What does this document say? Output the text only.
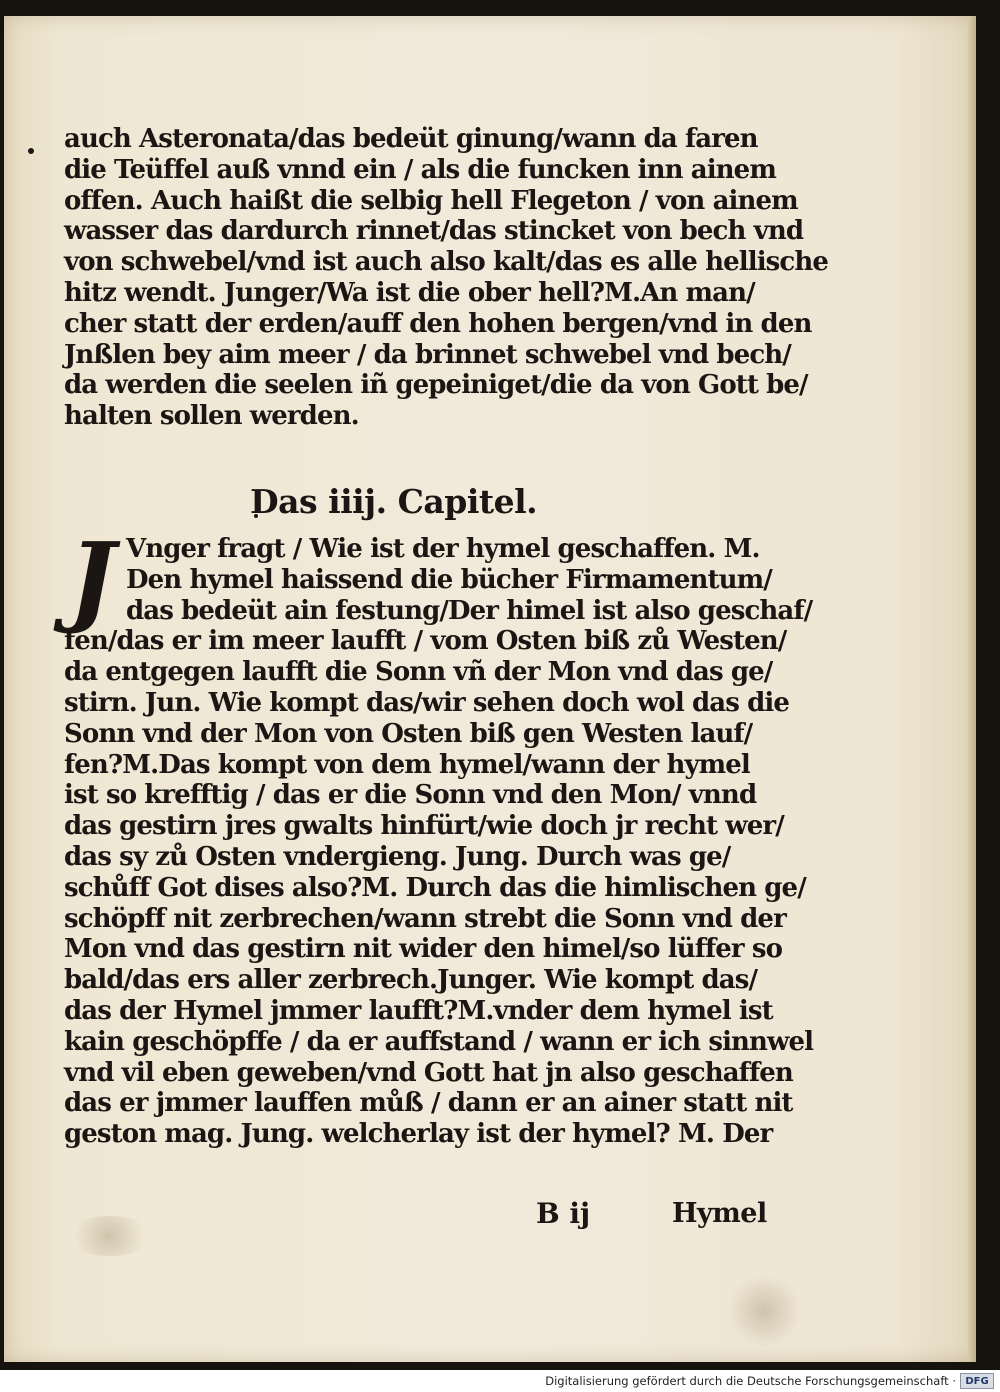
auch Asteronata/das bedeüt ginung/wann da faren
die Teüffel auß vnnd ein / als die funcken inn ainem
offen. Auch haißt die selbig hell Flegeton / von ainem
wasser das dardurch rinnet/das stincket von bech vnd
von schwebel/vnd ist auch also kalt/das es alle hellische
hitz wendt. Junger/Wa ist die ober hell?M.An man/
cher statt der erden/auff den hohen bergen/vnd in den
Jnßlen bey aim meer / da brinnet schwebel vnd bech/
da werden die seelen iñ gepeiniget/die da von Gott be/
halten sollen werden.
Das iiij. Capitel.
J Vnger fragt / Wie ist der hymel geschaffen. M.
Den hymel haissend die bücher Firmamentum/
das bedeüt ain festung/Der himel ist also geschaf/
fen/das er im meer laufft / vom Osten biß zů Westen/
da entgegen laufft die Sonn vñ der Mon vnd das ge/
stirn. Jun. Wie kompt das/wir sehen doch wol das die
Sonn vnd der Mon von Osten biß gen Westen lauf/
fen?M.Das kompt von dem hymel/wann der hymel
ist so krefftig / das er die Sonn vnd den Mon/ vnnd
das gestirn jres gwalts hinfürt/wie doch jr recht wer/
das sy zů Osten vndergieng. Jung. Durch was ge/
schůff Got dises also?M. Durch das die himlischen ge/
schöpff nit zerbrechen/wann strebt die Sonn vnd der
Mon vnd das gestirn nit wider den himel/so lüffer so
bald/das ers aller zerbrech.Junger. Wie kompt das/
das der Hymel jmmer laufft?M.vnder dem hymel ist
kain geschöpffe / da er auffstand / wann er ich sinnwel
vnd vil eben geweben/vnd Gott hat jn also geschaffen
das er jmmer lauffen můß / dann er an ainer statt nit
geston mag. Jung. welcherlay ist der hymel? M. Der
B ij	Hymel
Digitalisierung gefördert durch die Deutsche Forschungsgemeinschaft · DFG
